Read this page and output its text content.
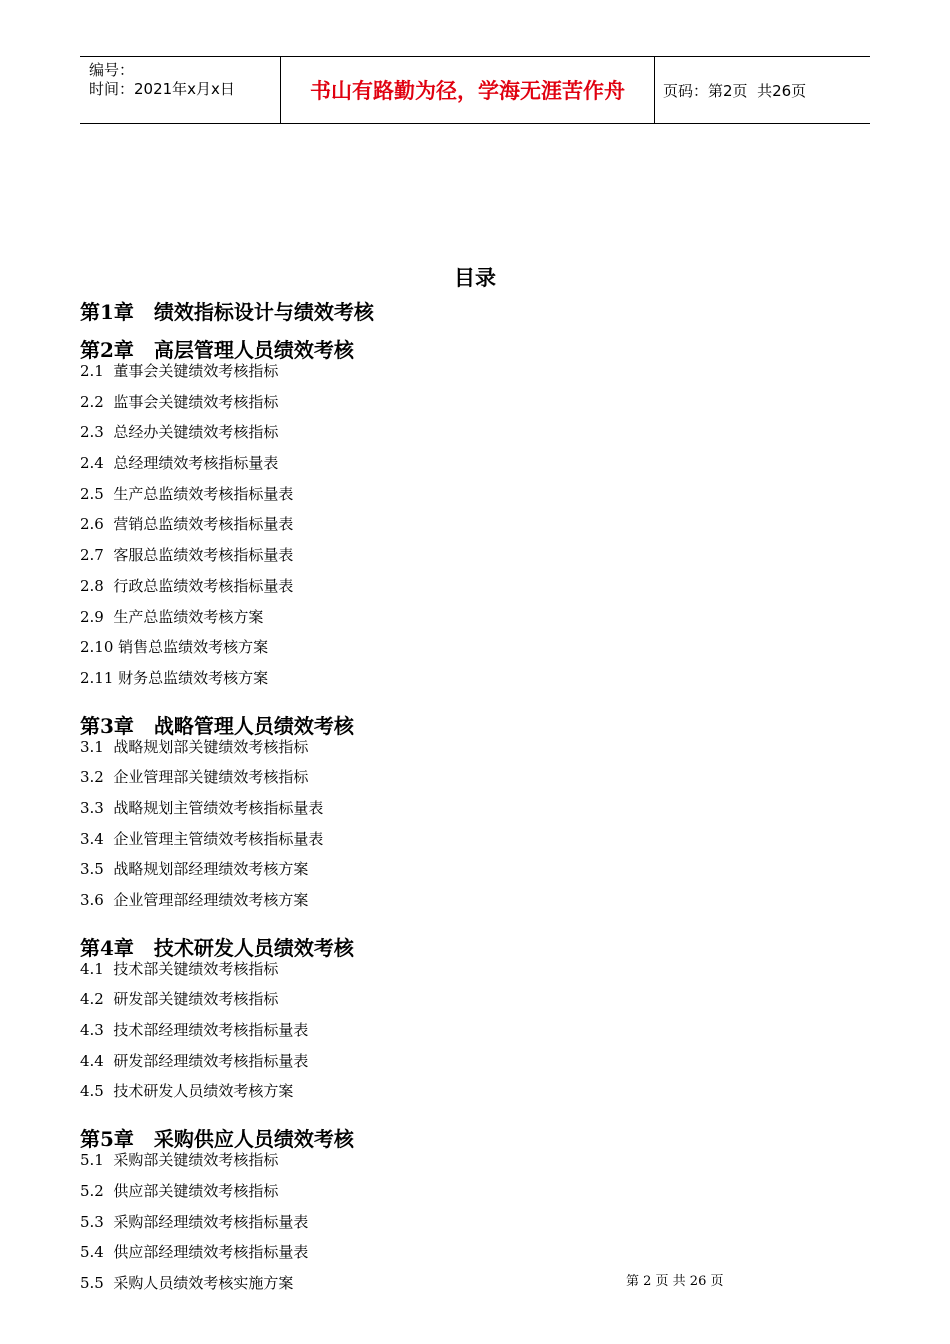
编号：
时间：2021年x月x日	书山有路勤为径，学海无涯苦作舟	页码：第2页  共26页
目录
第1章　绩效指标设计与绩效考核
第2章　高层管理人员绩效考核
2.1  董事会关键绩效考核指标
2.2  监事会关键绩效考核指标
2.3  总经办关键绩效考核指标
2.4  总经理绩效考核指标量表
2.5  生产总监绩效考核指标量表
2.6  营销总监绩效考核指标量表
2.7  客服总监绩效考核指标量表
2.8  行政总监绩效考核指标量表
2.9  生产总监绩效考核方案
2.10 销售总监绩效考核方案
2.11 财务总监绩效考核方案
第3章　战略管理人员绩效考核
3.1  战略规划部关键绩效考核指标
3.2  企业管理部关键绩效考核指标
3.3  战略规划主管绩效考核指标量表
3.4  企业管理主管绩效考核指标量表
3.5  战略规划部经理绩效考核方案
3.6  企业管理部经理绩效考核方案
第4章　技术研发人员绩效考核
4.1  技术部关键绩效考核指标
4.2  研发部关键绩效考核指标
4.3  技术部经理绩效考核指标量表
4.4  研发部经理绩效考核指标量表
4.5  技术研发人员绩效考核方案
第5章　采购供应人员绩效考核
5.1  采购部关键绩效考核指标
5.2  供应部关键绩效考核指标
5.3  采购部经理绩效考核指标量表
5.4  供应部经理绩效考核指标量表
5.5  采购人员绩效考核实施方案	第 2 页 共 26 页
